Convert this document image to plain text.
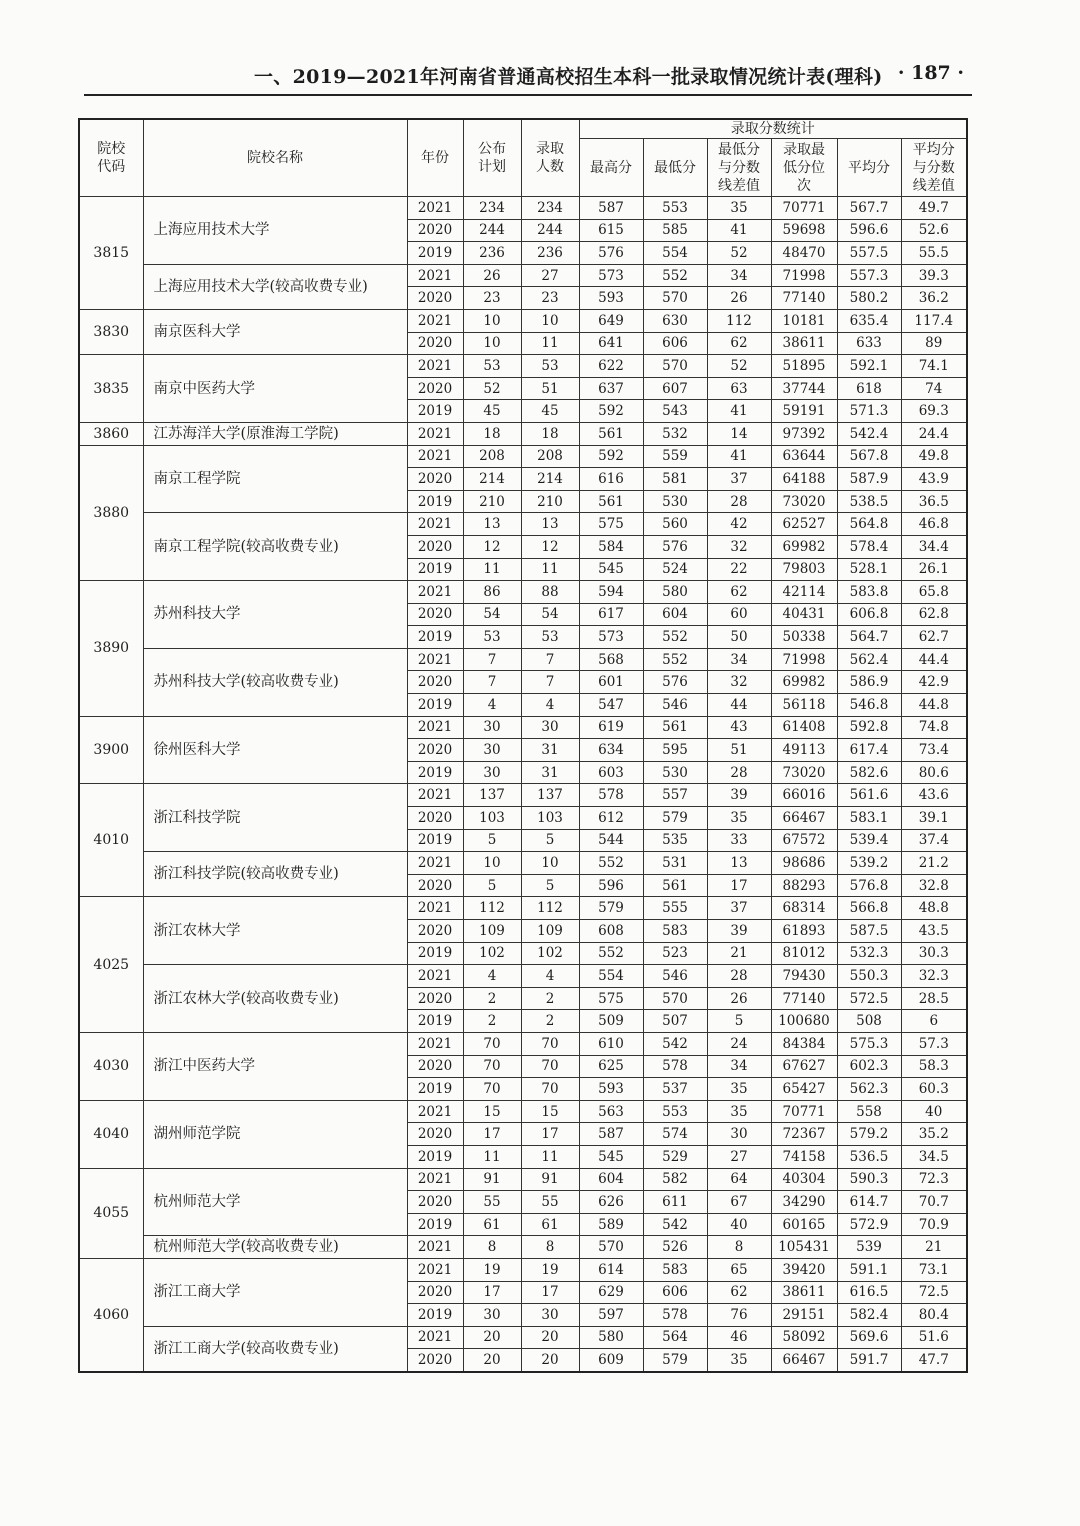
一、2019—2021年河南省普通高校招生本科一批录取情况统计表(理科) · 187 ·
院校代码	院校名称	年份	公布计划	录取人数	录取分数统计					
					最高分	最低分	最低分与分数线差值	录取最低分位次	平均分	平均分与分数线差值
3815	上海应用技术大学	2021	234	234	587	553	35	70771	567.7	49.7
		2020	244	244	615	585	41	59698	596.6	52.6
		2019	236	236	576	554	52	48470	557.5	55.5
	上海应用技术大学(较高收费专业)	2021	26	27	573	552	34	71998	557.3	39.3
		2020	23	23	593	570	26	77140	580.2	36.2
3830	南京医科大学	2021	10	10	649	630	112	10181	635.4	117.4
		2020	10	11	641	606	62	38611	633	89
3835	南京中医药大学	2021	53	53	622	570	52	51895	592.1	74.1
		2020	52	51	637	607	63	37744	618	74
		2019	45	45	592	543	41	59191	571.3	69.3
3860	江苏海洋大学(原淮海工学院)	2021	18	18	561	532	14	97392	542.4	24.4
3880	南京工程学院	2021	208	208	592	559	41	63644	567.8	49.8
		2020	214	214	616	581	37	64188	587.9	43.9
		2019	210	210	561	530	28	73020	538.5	36.5
	南京工程学院(较高收费专业)	2021	13	13	575	560	42	62527	564.8	46.8
		2020	12	12	584	576	32	69982	578.4	34.4
		2019	11	11	545	524	22	79803	528.1	26.1
3890	苏州科技大学	2021	86	88	594	580	62	42114	583.8	65.8
		2020	54	54	617	604	60	40431	606.8	62.8
		2019	53	53	573	552	50	50338	564.7	62.7
	苏州科技大学(较高收费专业)	2021	7	7	568	552	34	71998	562.4	44.4
		2020	7	7	601	576	32	69982	586.9	42.9
		2019	4	4	547	546	44	56118	546.8	44.8
3900	徐州医科大学	2021	30	30	619	561	43	61408	592.8	74.8
		2020	30	31	634	595	51	49113	617.4	73.4
		2019	30	31	603	530	28	73020	582.6	80.6
4010	浙江科技学院	2021	137	137	578	557	39	66016	561.6	43.6
		2020	103	103	612	579	35	66467	583.1	39.1
		2019	5	5	544	535	33	67572	539.4	37.4
	浙江科技学院(较高收费专业)	2021	10	10	552	531	13	98686	539.2	21.2
		2020	5	5	596	561	17	88293	576.8	32.8
4025	浙江农林大学	2021	112	112	579	555	37	68314	566.8	48.8
		2020	109	109	608	583	39	61893	587.5	43.5
		2019	102	102	552	523	21	81012	532.3	30.3
	浙江农林大学(较高收费专业)	2021	4	4	554	546	28	79430	550.3	32.3
		2020	2	2	575	570	26	77140	572.5	28.5
		2019	2	2	509	507	5	100680	508	6
4030	浙江中医药大学	2021	70	70	610	542	24	84384	575.3	57.3
		2020	70	70	625	578	34	67627	602.3	58.3
		2019	70	70	593	537	35	65427	562.3	60.3
4040	湖州师范学院	2021	15	15	563	553	35	70771	558	40
		2020	17	17	587	574	30	72367	579.2	35.2
		2019	11	11	545	529	27	74158	536.5	34.5
4055	杭州师范大学	2021	91	91	604	582	64	40304	590.3	72.3
		2020	55	55	626	611	67	34290	614.7	70.7
		2019	61	61	589	542	40	60165	572.9	70.9
	杭州师范大学(较高收费专业)	2021	8	8	570	526	8	105431	539	21
4060	浙江工商大学	2021	19	19	614	583	65	39420	591.1	73.1
		2020	17	17	629	606	62	38611	616.5	72.5
		2019	30	30	597	578	76	29151	582.4	80.4
	浙江工商大学(较高收费专业)	2021	20	20	580	564	46	58092	569.6	51.6
		2020	20	20	609	579	35	66467	591.7	47.7
